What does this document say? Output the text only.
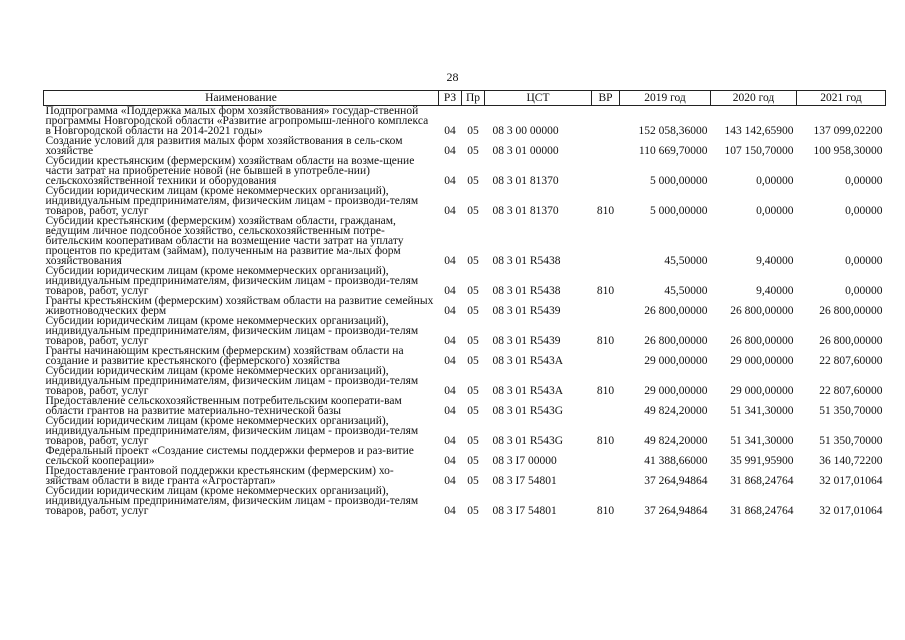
28
Наименование	РЗ	Пр	ЦСТ	ВР	2019 год	2020 год	2021 год
Подпрограмма «Поддержка малых форм хозяйствования» государ-ственной программы Новгородской области «Развитие агропромыш-ленного комплекса в Новгородской области на 2014-2021 годы»	04	05	08 3 00 00000		152 058,36000	143 142,65900	137 099,02200
Создание условий для развития малых форм хозяйствования в сель-ском хозяйстве	04	05	08 3 01 00000		110 669,70000	107 150,70000	100 958,30000
Субсидии крестьянским (фермерским) хозяйствам области на возме-щение части затрат на приобретение новой (не бывшей в употребле-нии) сельскохозяйственной техники и оборудования	04	05	08 3 01 81370		5 000,00000	0,00000	0,00000
Субсидии юридическим лицам (кроме некоммерческих организаций), индивидуальным предпринимателям, физическим лицам - производи-телям товаров, работ, услуг	04	05	08 3 01 81370	810	5 000,00000	0,00000	0,00000
Субсидии крестьянским (фермерским) хозяйствам области, гражданам, ведущим личное подсобное хозяйство, сельскохозяйственным потре-бительским кооперативам области на возмещение части затрат на уплату процентов по кредитам (займам), полученным на развитие ма-лых форм хозяйствования	04	05	08 3 01 R5438		45,50000	9,40000	0,00000
Субсидии юридическим лицам (кроме некоммерческих организаций), индивидуальным предпринимателям, физическим лицам - производи-телям товаров, работ, услуг	04	05	08 3 01 R5438	810	45,50000	9,40000	0,00000
Гранты крестьянским (фермерским) хозяйствам области на развитие семейных животноводческих ферм	04	05	08 3 01 R5439		26 800,00000	26 800,00000	26 800,00000
Субсидии юридическим лицам (кроме некоммерческих организаций), индивидуальным предпринимателям, физическим лицам - производи-телям товаров, работ, услуг	04	05	08 3 01 R5439	810	26 800,00000	26 800,00000	26 800,00000
Гранты начинающим крестьянским (фермерским) хозяйствам области на создание и развитие крестьянского (фермерского) хозяйства	04	05	08 3 01 R543A		29 000,00000	29 000,00000	22 807,60000
Субсидии юридическим лицам (кроме некоммерческих организаций), индивидуальным предпринимателям, физическим лицам - производи-телям товаров, работ, услуг	04	05	08 3 01 R543A	810	29 000,00000	29 000,00000	22 807,60000
Предоставление сельскохозяйственным потребительским кооперати-вам области грантов на развитие материально-технической базы	04	05	08 3 01 R543G		49 824,20000	51 341,30000	51 350,70000
Субсидии юридическим лицам (кроме некоммерческих организаций), индивидуальным предпринимателям, физическим лицам - производи-телям товаров, работ, услуг	04	05	08 3 01 R543G	810	49 824,20000	51 341,30000	51 350,70000
Федеральный проект «Создание системы поддержки фермеров и раз-витие сельской кооперации»	04	05	08 3 I7 00000		41 388,66000	35 991,95900	36 140,72200
Предоставление грантовой поддержки крестьянским (фермерским) хо-зяйствам области в виде гранта «Агростартап»	04	05	08 3 I7 54801		37 264,94864	31 868,24764	32 017,01064
Субсидии юридическим лицам (кроме некоммерческих организаций), индивидуальным предпринимателям, физическим лицам - производи-телям товаров, работ, услуг	04	05	08 3 I7 54801	810	37 264,94864	31 868,24764	32 017,01064
